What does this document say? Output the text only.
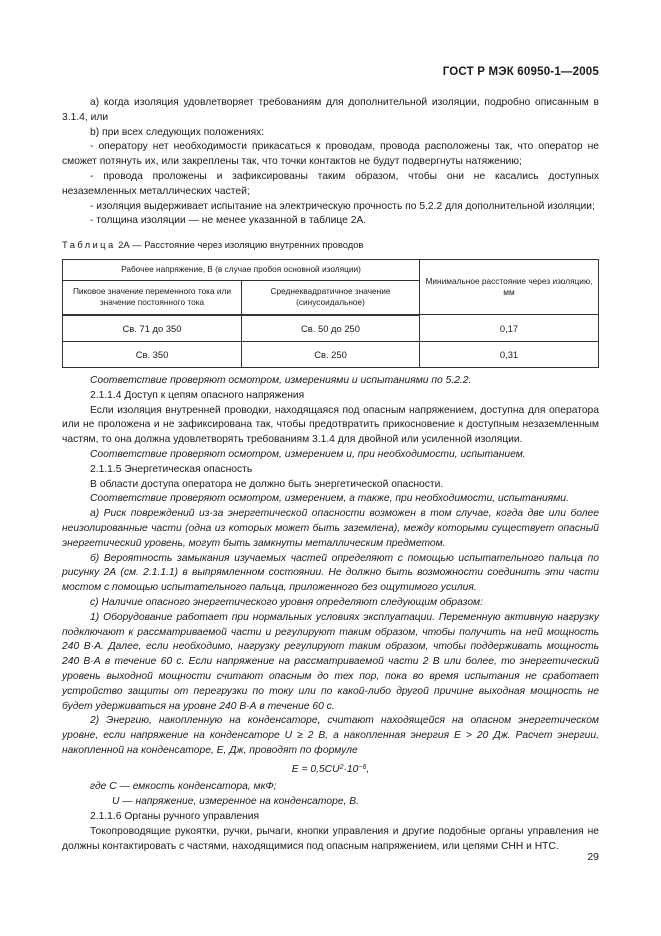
ГОСТ Р МЭК 60950-1—2005

а) когда изоляция удовлетворяет требованиям для дополнительной изоляции, подробно описанным в 3.1.4, или

b) при всех следующих положениях:

- оператору нет необходимости прикасаться к проводам, провода расположены так, что оператор не сможет потянуть их, или закреплены так, что точки контактов не будут подвергнуты натяжению;

- провода проложены и зафиксированы таким образом, чтобы они не касались доступных незаземленных металлических частей;

- изоляция выдерживает испытание на электрическую прочность по 5.2.2 для дополнительной изоляции;

- толщина изоляции — не менее указанной в таблице 2А.

Таблица 2А — Расстояние через изоляцию внутренних проводов

Рабочее напряжение, В (в случае пробоя основной изоляции)		Минимальное расстояние через изоляцию, мм
Пиковое значение переменного тока или значение постоянного тока	Среднеквадратичное значение (синусоидальное)	
Св. 71 до 350	Св. 50 до 250	0,17
Св. 350	Св. 250	0,31

Соответствие проверяют осмотром, измерениями и испытаниями по 5.2.2.

2.1.1.4 Доступ к цепям опасного напряжения

Если изоляция внутренней проводки, находящаяся под опасным напряжением, доступна для оператора или не проложена и не зафиксирована так, чтобы предотвратить прикосновение к доступным незаземленным частям, то она должна удовлетворять требованиям 3.1.4 для двойной или усиленной изоляции.

Соответствие проверяют осмотром, измерением и, при необходимости, испытанием.

2.1.1.5 Энергетическая опасность

В области доступа оператора не должно быть энергетической опасности.

Соответствие проверяют осмотром, измерением, а также, при необходимости, испытаниями.

а) Риск повреждений из-за энергетической опасности возможен в том случае, когда две или более неизолированные части (одна из которых может быть заземлена), между которыми существует опасный энергетический уровень, могут быть замкнуты металлическим предметом.

б) Вероятность замыкания изучаемых частей определяют с помощью испытательного пальца по рисунку 2А (см. 2.1.1.1) в выпрямленном состоянии. Не должно быть возможности соединить эти части мостом с помощью испытательного пальца, приложенного без ощутимого усилия.

с) Наличие опасного энергетического уровня определяют следующим образом:

1) Оборудование работает при нормальных условиях эксплуатации. Переменную активную нагрузку подключают к рассматриваемой части и регулируют таким образом, чтобы получить на ней мощность 240 В·А. Далее, если необходимо, нагрузку регулируют таким образом, чтобы поддерживать мощность 240 В·А в течение 60 с. Если напряжение на рассматриваемой части 2 В или более, то энергетический уровень выходной мощности считают опасным до тех пор, пока во время испытания не сработает устройство защиты от перегрузки по току или по какой-либо другой причине выходная мощность не будет удерживаться на уровне 240 В·А в течение 60 с.

2) Энергию, накопленную на конденсаторе, считают находящейся на опасном энергетическом уровне, если напряжение на конденсаторе U ≥ 2 В, а накопленная энергия Е > 20 Дж. Расчет энергии, накопленной на конденсаторе, Е, Дж, проводят по формуле

$E = 0,5CU^2\cdot 10^{-6}$,

где С — емкость конденсатора, мкФ;

U — напряжение, измеренное на конденсаторе, В.

2.1.1.6 Органы ручного управления

Токопроводящие рукоятки, ручки, рычаги, кнопки управления и другие подобные органы управления не должны контактировать с частями, находящимися под опасным напряжением, или цепями СНН и НТС.

29
